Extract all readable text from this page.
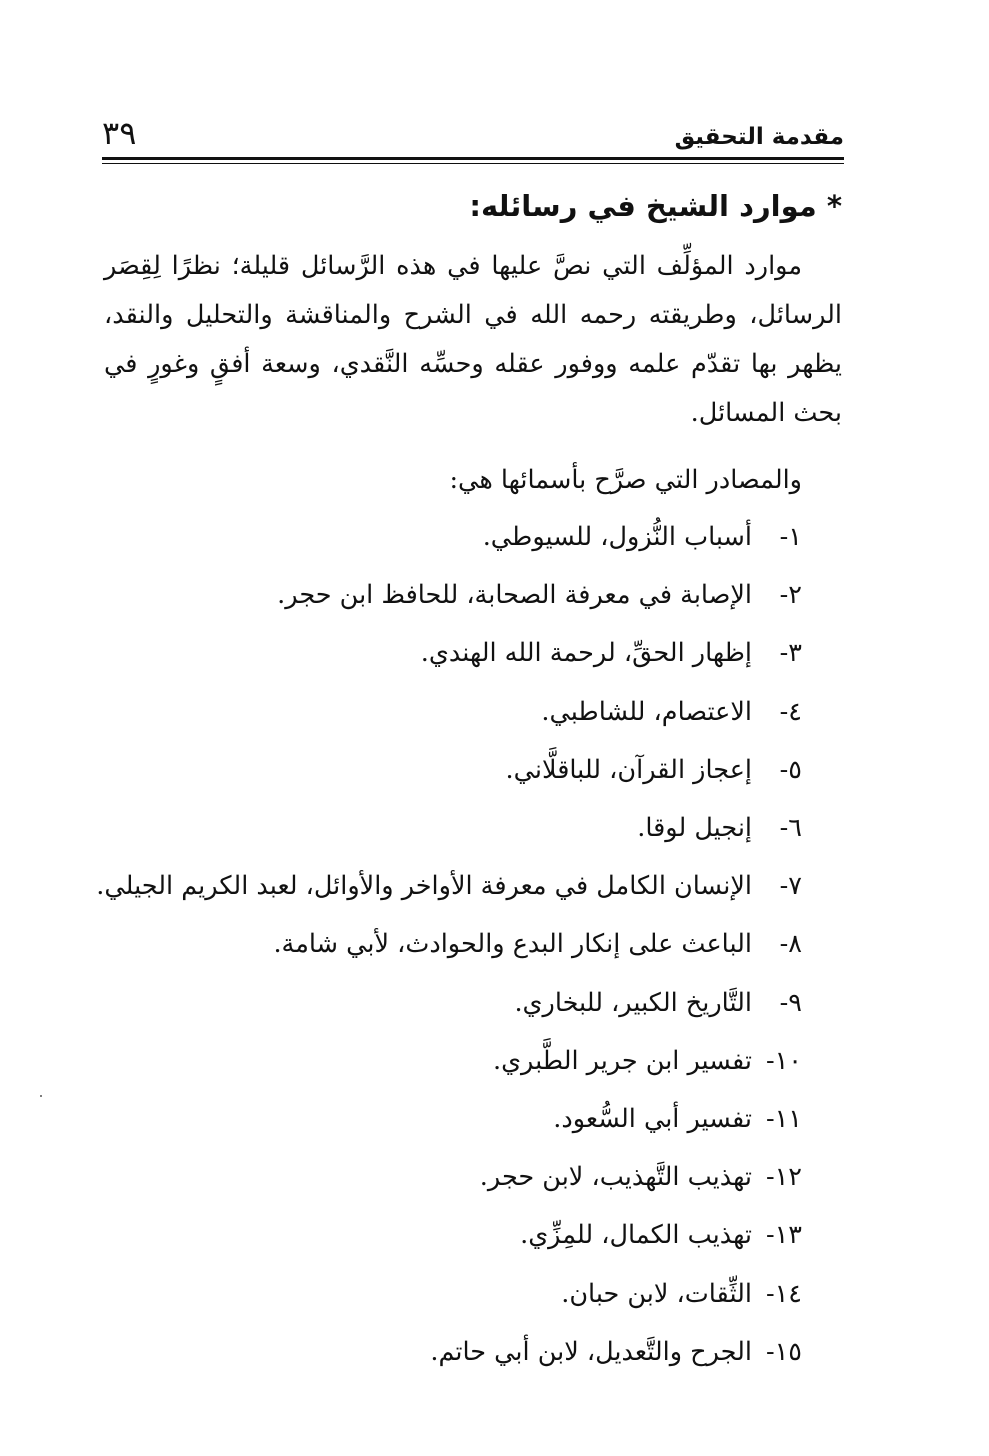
مقدمة التحقيق
٣٩
* موارد الشيخ في رسائله:

موارد المؤلِّف التي نصَّ عليها في هذه الرَّسائل قليلة؛ نظرًا لِقِصَر الرسائل، وطريقته رحمه الله في الشرح والمناقشة والتحليل والنقد، يظهر بها تقدّم علمه ووفور عقله وحسِّه النَّقدي، وسعة أفقٍ وغورٍ في بحث المسائل.

والمصادر التي صرَّح بأسمائها هي:

١-أسباب النُّزول، للسيوطي.
٢-الإصابة في معرفة الصحابة، للحافظ ابن حجر.
٣-إظهار الحقِّ، لرحمة الله الهندي.
٤-الاعتصام، للشاطبي.
٥-إعجاز القرآن، للباقلَّاني.
٦-إنجيل لوقا.
٧-الإنسان الكامل في معرفة الأواخر والأوائل، لعبد الكريم الجيلي.
٨-الباعث على إنكار البدع والحوادث، لأبي شامة.
٩-التَّاريخ الكبير، للبخاري.
١٠-تفسير ابن جرير الطَّبري.
١١-تفسير أبي السُّعود.
١٢-تهذيب التَّهذيب، لابن حجر.
١٣-تهذيب الكمال، للمِزِّي.
١٤-الثِّقات، لابن حبان.
١٥-الجرح والتَّعديل، لابن أبي حاتم.
